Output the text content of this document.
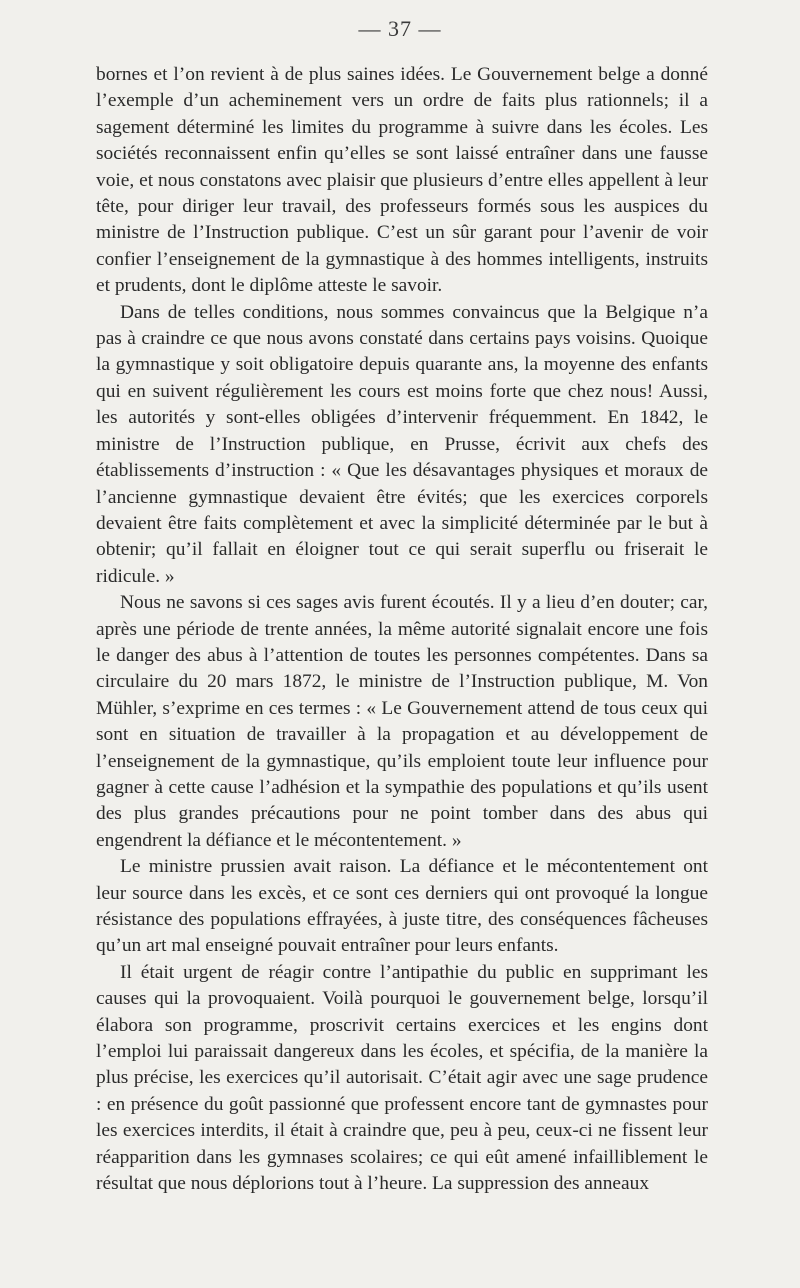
— 37 —

bornes et l’on revient à de plus saines idées. Le Gouvernement belge a donné l’exemple d’un acheminement vers un ordre de faits plus rationnels; il a sagement déterminé les limites du programme à suivre dans les écoles. Les sociétés reconnaissent enfin qu’elles se sont laissé entraîner dans une fausse voie, et nous constatons avec plaisir que plusieurs d’entre elles appellent à leur tête, pour diriger leur travail, des professeurs formés sous les auspices du ministre de l’Instruction publique. C’est un sûr garant pour l’avenir de voir confier l’enseignement de la gymnastique à des hommes intelligents, instruits et prudents, dont le diplôme atteste le savoir.

Dans de telles conditions, nous sommes convaincus que la Belgique n’a pas à craindre ce que nous avons constaté dans certains pays voisins. Quoique la gymnastique y soit obligatoire depuis quarante ans, la moyenne des enfants qui en suivent régulièrement les cours est moins forte que chez nous! Aussi, les autorités y sont-elles obligées d’intervenir fréquemment. En 1842, le ministre de l’Instruction publique, en Prusse, écrivit aux chefs des établissements d’instruction : « Que les désavantages physiques et moraux de l’ancienne gymnastique devaient être évités; que les exercices corporels devaient être faits complètement et avec la simplicité déterminée par le but à obtenir; qu’il fallait en éloigner tout ce qui serait superflu ou friserait le ridicule. »

Nous ne savons si ces sages avis furent écoutés. Il y a lieu d’en douter; car, après une période de trente années, la même autorité signalait encore une fois le danger des abus à l’attention de toutes les personnes compétentes. Dans sa circulaire du 20 mars 1872, le ministre de l’Instruction publique, M. Von Mühler, s’exprime en ces termes : « Le Gouvernement attend de tous ceux qui sont en situation de travailler à la propagation et au développement de l’enseignement de la gymnastique, qu’ils emploient toute leur influence pour gagner à cette cause l’adhésion et la sympathie des populations et qu’ils usent des plus grandes précautions pour ne point tomber dans des abus qui engendrent la défiance et le mécontentement. »

Le ministre prussien avait raison. La défiance et le mécontentement ont leur source dans les excès, et ce sont ces derniers qui ont provoqué la longue résistance des populations effrayées, à juste titre, des conséquences fâcheuses qu’un art mal enseigné pouvait entraîner pour leurs enfants.

Il était urgent de réagir contre l’antipathie du public en supprimant les causes qui la provoquaient. Voilà pourquoi le gouvernement belge, lorsqu’il élabora son programme, proscrivit certains exercices et les engins dont l’emploi lui paraissait dangereux dans les écoles, et spécifia, de la manière la plus précise, les exercices qu’il autorisait. C’était agir avec une sage prudence : en présence du goût passionné que professent encore tant de gymnastes pour les exercices interdits, il était à craindre que, peu à peu, ceux-ci ne fissent leur réapparition dans les gymnases scolaires; ce qui eût amené infailliblement le résultat que nous déplorions tout à l’heure. La suppression des anneaux
